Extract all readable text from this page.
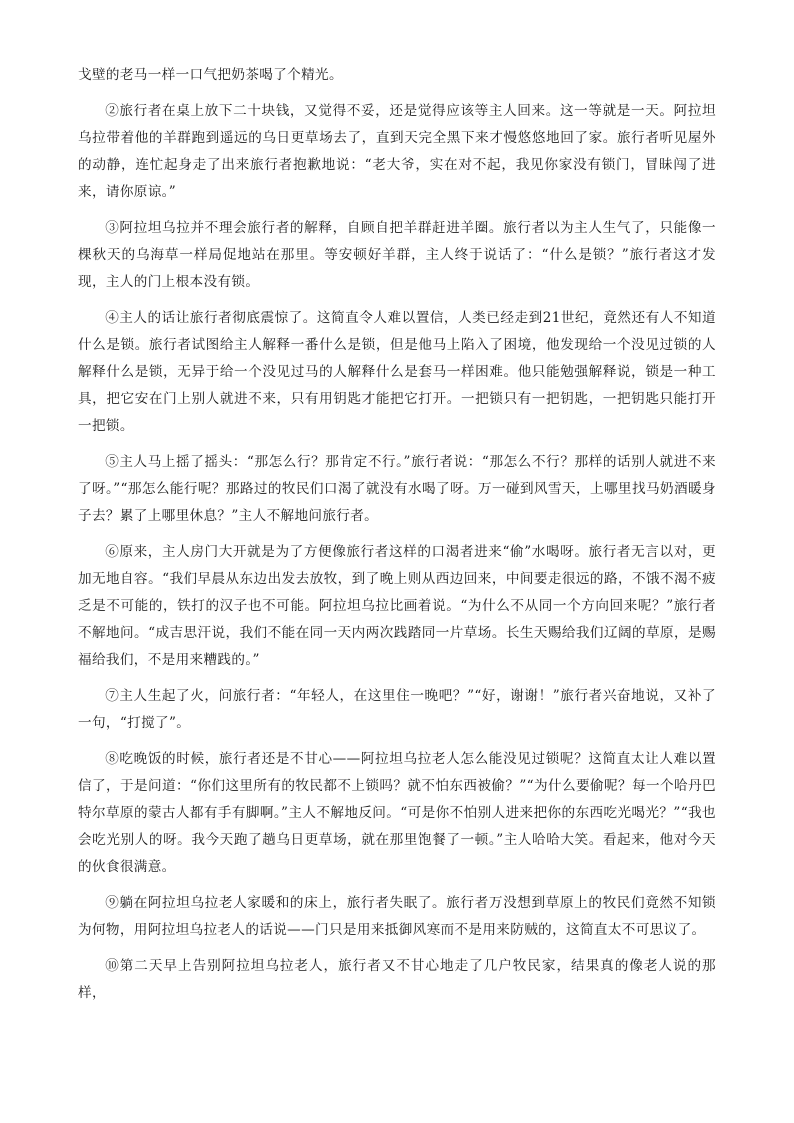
戈壁的老马一样一口气把奶茶喝了个精光。

②旅行者在桌上放下二十块钱，又觉得不妥，还是觉得应该等主人回来。这一等就是一天。阿拉坦乌拉带着他的羊群跑到遥远的乌日更草场去了，直到天完全黑下来才慢悠悠地回了家。旅行者听见屋外的动静，连忙起身走了出来旅行者抱歉地说：“老大爷，实在对不起，我见你家没有锁门，冒昧闯了进来，请你原谅。”

③阿拉坦乌拉并不理会旅行者的解释，自顾自把羊群赶进羊圈。旅行者以为主人生气了，只能像一棵秋天的乌海草一样局促地站在那里。等安顿好羊群，主人终于说话了：“什么是锁？”旅行者这才发现，主人的门上根本没有锁。

④主人的话让旅行者彻底震惊了。这简直令人难以置信，人类已经走到21世纪，竟然还有人不知道什么是锁。旅行者试图给主人解释一番什么是锁，但是他马上陷入了困境，他发现给一个没见过锁的人解释什么是锁，无异于给一个没见过马的人解释什么是套马一样困难。他只能勉强解释说，锁是一种工具，把它安在门上别人就进不来，只有用钥匙才能把它打开。一把锁只有一把钥匙，一把钥匙只能打开一把锁。

⑤主人马上摇了摇头：“那怎么行？那肯定不行。”旅行者说：“那怎么不行？那样的话别人就进不来了呀。”“那怎么能行呢？那路过的牧民们口渴了就没有水喝了呀。万一碰到风雪天，上哪里找马奶酒暖身子去？累了上哪里休息？”主人不解地问旅行者。

⑥原来，主人房门大开就是为了方便像旅行者这样的口渴者进来“偷”水喝呀。旅行者无言以对，更加无地自容。“我们早晨从东边出发去放牧，到了晚上则从西边回来，中间要走很远的路，不饿不渴不疲乏是不可能的，铁打的汉子也不可能。阿拉坦乌拉比画着说。“为什么不从同一个方向回来呢？”旅行者不解地问。“成吉思汗说，我们不能在同一天内两次践踏同一片草场。长生天赐给我们辽阔的草原，是赐福给我们，不是用来糟践的。”

⑦主人生起了火，问旅行者：“年轻人，在这里住一晚吧？”“好，谢谢！”旅行者兴奋地说，又补了一句，“打搅了”。

⑧吃晚饭的时候，旅行者还是不甘心——阿拉坦乌拉老人怎么能没见过锁呢？这简直太让人难以置信了，于是问道：“你们这里所有的牧民都不上锁吗？就不怕东西被偷？”“为什么要偷呢？每一个哈丹巴特尔草原的蒙古人都有手有脚啊。”主人不解地反问。“可是你不怕别人进来把你的东西吃光喝光？”“我也会吃光别人的呀。我今天跑了趟乌日更草场，就在那里饱餐了一顿。”主人哈哈大笑。看起来，他对今天的伙食很满意。

⑨躺在阿拉坦乌拉老人家暖和的床上，旅行者失眠了。旅行者万没想到草原上的牧民们竟然不知锁为何物，用阿拉坦乌拉老人的话说——门只是用来抵御风寒而不是用来防贼的，这简直太不可思议了。

⑩第二天早上告别阿拉坦乌拉老人，旅行者又不甘心地走了几户牧民家，结果真的像老人说的那样，
